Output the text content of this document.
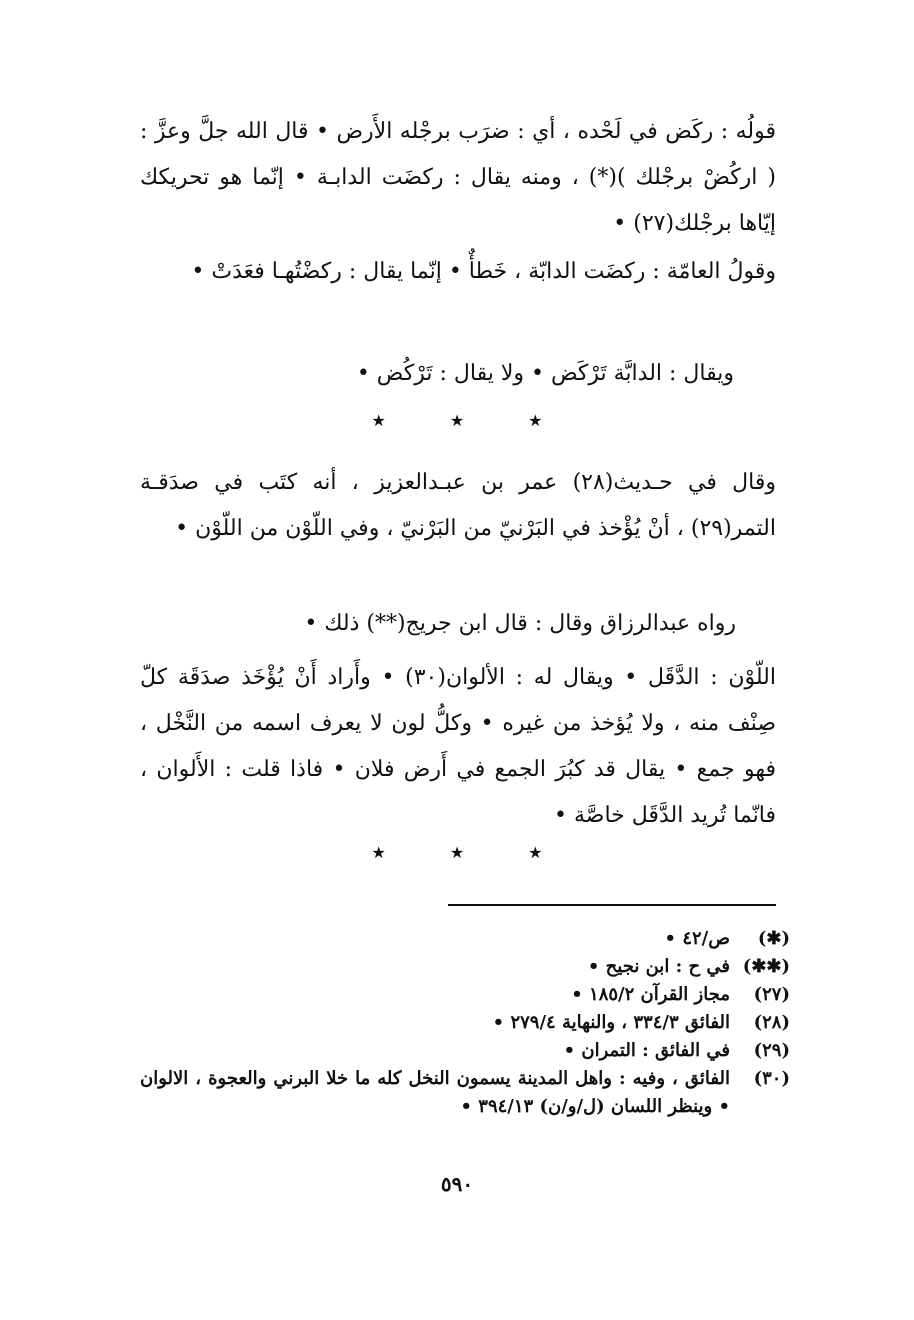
قولُه : ركَض في لَحْده ، أي : ضرَب برجْله الأَرض • قال الله جلَّ وعزَّ : ( اركُضْ برجْلك )(*) ، ومنه يقال : ركضَت الدابـة • إنّما هو تحريكك إيّاها برجْلك(٢٧) •

وقولُ العامّة : ركضَت الدابّة ، خَطأٌ • إنّما يقال : ركضْتُهـا فعَدَتْ •

ويقال : الدابَّة تَرْكَض • ولا يقال : تَرْكُض •

★	★	★

وقال في حـديث(٢٨) عمر بن عبـدالعزيز ، أنه كتَب في صدَقـة التمر(٢٩) ، أنْ يُؤْخذ في البَرْنيّ من البَرْنيّ ، وفي اللّوْن من اللّوْن •

رواه عبدالرزاق وقال : قال ابن جريج(**) ذلك •

اللّوْن : الدَّقَل • ويقال له : الألوان(٣٠) • وأَراد أَنْ يُؤْخَذ صدَقَة كلّ صِنْف منه ، ولا يُؤخذ من غيره • وكلُّ لون لا يعرف اسمه من النَّخْل ، فهو جمع • يقال قد كبُرَ الجمع في أَرض فلان • فاذا قلت : الأَلوان ، فانّما تُريد الدَّقَل خاصَّة •

★	★	★
(✱)
ص/٤٢ •
(✱✱)
في ح : ابن نجيح •
(٢٧)
مجاز القرآن ١٨٥/٢ •
(٢٨)
الفائق ٣٣٤/٣ ، والنهاية ٢٧٩/٤ •
(٢٩)
في الفائق : التمران •
(٣٠)
الفائق ، وفيه : واهل المدينة يسمون النخل كله ما خلا البرني والعجوة ، الالوان • وينظر اللسان (ل/و/ن) ٣٩٤/١٣ •
٥٩٠
